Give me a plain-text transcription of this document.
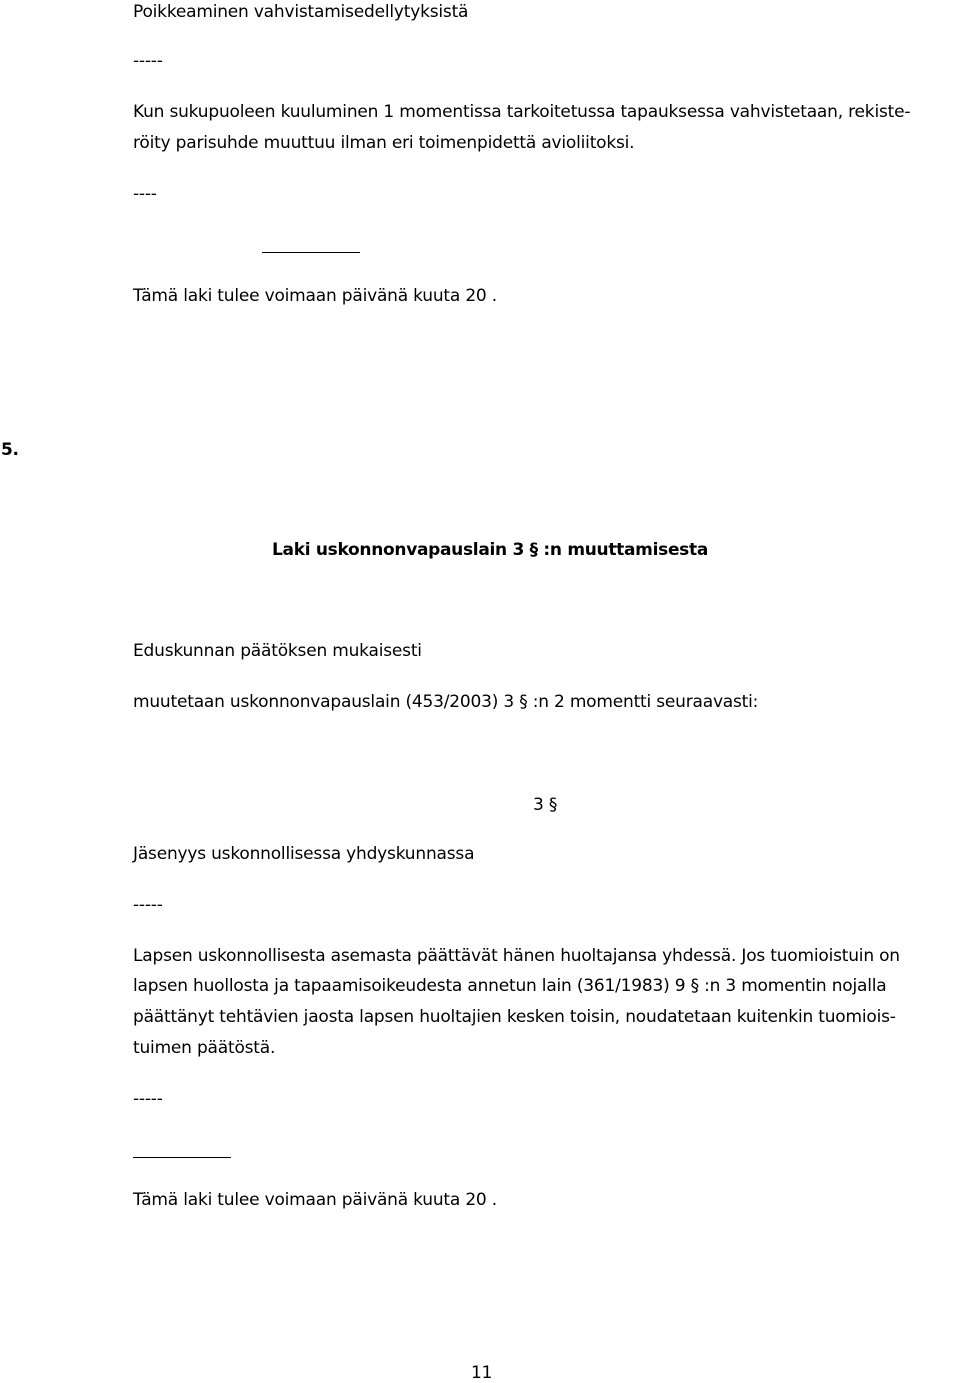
Poikkeaminen vahvistamisedellytyksistä
-----
Kun sukupuoleen kuuluminen 1 momentissa tarkoitetussa tapauksessa vahvistetaan, rekiste-
röity parisuhde muuttuu ilman eri toimenpidettä avioliitoksi.
----
Tämä laki tulee voimaan päivänä kuuta 20 .
5.
Laki uskonnonvapauslain 3 § :n muuttamisesta
Eduskunnan päätöksen mukaisesti
muutetaan uskonnonvapauslain (453/2003) 3 § :n 2 momentti seuraavasti:
3 §
Jäsenyys uskonnollisessa yhdyskunnassa
-----
Lapsen uskonnollisesta asemasta päättävät hänen huoltajansa yhdessä. Jos tuomioistuin on
lapsen huollosta ja tapaamisoikeudesta annetun lain (361/1983) 9 § :n 3 momentin nojalla
päättänyt tehtävien jaosta lapsen huoltajien kesken toisin, noudatetaan kuitenkin tuomiois-
tuimen päätöstä.
-----
Tämä laki tulee voimaan päivänä kuuta 20 .
11
